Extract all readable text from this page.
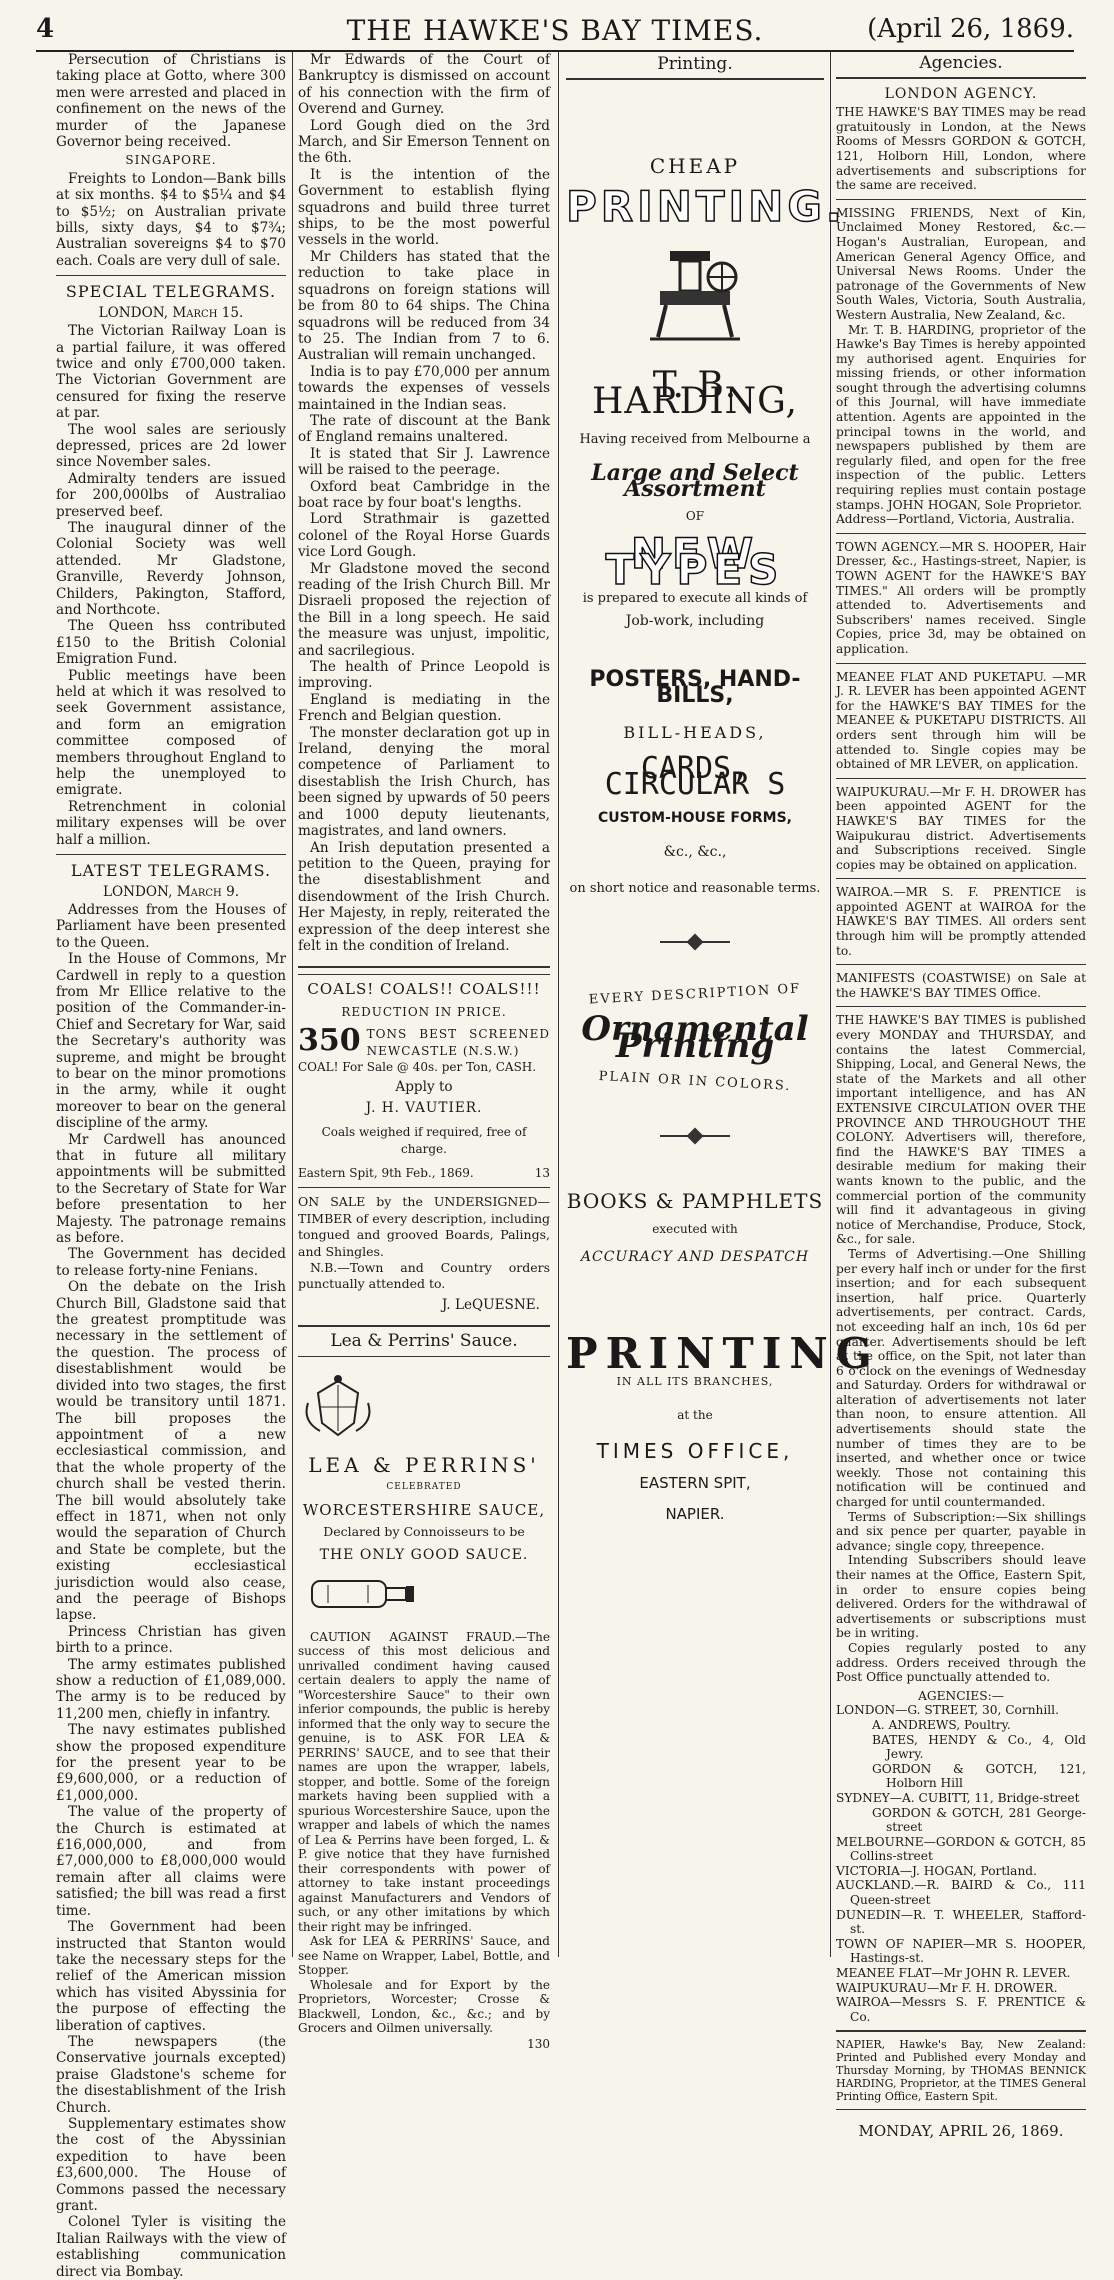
4	THE HAWKE'S BAY TIMES.	(April 26, 1869.

Persecution of Christians is taking place at Gotto, where 300 men were arrested and placed in confinement on the news of the murder of the Japanese Governor being received.

SINGAPORE.

Freights to London—Bank bills at six months. $4 to $5¼ and $4 to $5½; on Australian private bills, sixty days, $4 to $7¾; Australian sovereigns $4 to $70 each. Coals are very dull of sale.

SPECIAL TELEGRAMS.
LONDON, March 15.

The Victorian Railway Loan is a partial failure, it was offered twice and only £700,000 taken. The Victorian Government are censured for fixing the reserve at par.

The wool sales are seriously depressed, prices are 2d lower since November sales.

Admiralty tenders are issued for 200,000lbs of Australiao preserved beef.

The inaugural dinner of the Colonial Society was well attended. Mr Gladstone, Granville, Reverdy Johnson, Childers, Pakington, Stafford, and Northcote.

The Queen hss contributed £150 to the British Colonial Emigration Fund.

Public meetings have been held at which it was resolved to seek Government assistance, and form an emigration committee composed of members throughout England to help the unemployed to emigrate.

Retrenchment in colonial military expenses will be over half a million.

LATEST TELEGRAMS.
LONDON, March 9.

Addresses from the Houses of Parliament have been presented to the Queen.

In the House of Commons, Mr Cardwell in reply to a question from Mr Ellice relative to the position of the Commander-in-Chief and Secretary for War, said the Secretary's authority was supreme, and might be brought to bear on the minor promotions in the army, while it ought moreover to bear on the general discipline of the army.

Mr Cardwell has anounced that in future all military appointments will be submitted to the Secretary of State for War before presentation to her Majesty. The patronage remains as before.

The Government has decided to release forty-nine Fenians.

On the debate on the Irish Church Bill, Gladstone said that the greatest promptitude was necessary in the settlement of the question. The process of disestablishment would be divided into two stages, the first would be transitory until 1871. The bill proposes the appointment of a new ecclesiastical commission, and that the whole property of the church shall be vested therin. The bill would absolutely take effect in 1871, when not only would the separation of Church and State be complete, but the existing ecclesiastical jurisdiction would also cease, and the peerage of Bishops lapse.

Princess Christian has given birth to a prince.

The army estimates published show a reduction of £1,089,000. The army is to be reduced by 11,200 men, chiefly in infantry.

The navy estimates published show the proposed expenditure for the present year to be £9,600,000, or a reduction of £1,000,000.

The value of the property of the Church is estimated at £16,000,000, and from £7,000,000 to £8,000,000 would remain after all claims were satisfied; the bill was read a first time.

The Government had been instructed that Stanton would take the necessary steps for the relief of the American mission which has visited Abyssinia for the purpose of effecting the liberation of captives.

The newspapers (the Conservative journals excepted) praise Gladstone's scheme for the disestablishment of the Irish Church.

Supplementary estimates show the cost of the Abyssinian expedition to have been £3,600,000. The House of Commons passed the necessary grant.

Colonel Tyler is visiting the Italian Railways with the view of establishing communication direct via Bombay.

Mr Edwards of the Court of Bankruptcy is dismissed on account of his connection with the firm of Overend and Gurney.

Lord Gough died on the 3rd March, and Sir Emerson Tennent on the 6th.

It is the intention of the Government to establish flying squadrons and build three turret ships, to be the most powerful vessels in the world.

Mr Childers has stated that the reduction to take place in squadrons on foreign stations will be from 80 to 64 ships. The China squadrons will be reduced from 34 to 25. The Indian from 7 to 6. Australian will remain unchanged.

India is to pay £70,000 per annum towards the expenses of vessels maintained in the Indian seas.

The rate of discount at the Bank of England remains unaltered.

It is stated that Sir J. Lawrence will be raised to the peerage.

Oxford beat Cambridge in the boat race by four boat's lengths.

Lord Strathmair is gazetted colonel of the Royal Horse Guards vice Lord Gough.

Mr Gladstone moved the second reading of the Irish Church Bill. Mr Disraeli proposed the rejection of the Bill in a long speech. He said the measure was unjust, impolitic, and sacrilegious.

The health of Prince Leopold is improving.

England is mediating in the French and Belgian question.

The monster declaration got up in Ireland, denying the moral competence of Parliament to disestablish the Irish Church, has been signed by upwards of 50 peers and 1000 deputy lieutenants, magistrates, and land owners.

An Irish deputation presented a petition to the Queen, praying for the disestablishment and disendowment of the Irish Church. Her Majesty, in reply, reiterated the expression of the deep interest she felt in the condition of Ireland.

COALS! COALS!! COALS!!!
REDUCTION IN PRICE.
350 TONS BEST SCREENED NEWCASTLE (N.S.W.)
COAL! For Sale @ 40s. per Ton, CASH.
Apply to
J. H. VAUTIER.
Coals weighed if required, free of charge.
Eastern Spit, 9th Feb., 1869.	13

ON SALE by the UNDERSIGNED—TIMBER of every description, including tongued and grooved Boards, Palings, and Shingles.

N.B.—Town and Country orders punctually attended to.

J. LeQUESNE.
Lea & Perrins' Sauce.
LEA & PERRINS'
CELEBRATED
WORCESTERSHIRE SAUCE,
Declared by Connoisseurs to be
THE ONLY GOOD SAUCE.

CAUTION AGAINST FRAUD.—The success of this most delicious and unrivalled condiment having caused certain dealers to apply the name of "Worcestershire Sauce" to their own inferior compounds, the public is hereby informed that the only way to secure the genuine, is to ASK FOR LEA & PERRINS' SAUCE, and to see that their names are upon the wrapper, labels, stopper, and bottle. Some of the foreign markets having been supplied with a spurious Worcestershire Sauce, upon the wrapper and labels of which the names of Lea & Perrins have been forged, L. & P. give notice that they have furnished their correspondents with power of attorney to take instant proceedings against Manufacturers and Vendors of such, or any other imitations by which their right may be infringed.

Ask for LEA & PERRINS' Sauce, and see Name on Wrapper, Label, Bottle, and Stopper.

Wholesale and for Export by the Proprietors, Worcester; Crosse & Blackwell, London, &c., &c.; and by Grocers and Oilmen universally.

130
Printing.
CHEAP
PRINTING.
T. B. HARDING,
Having received from Melbourne a
Large and Select Assortment
OF
NEW TYPES
is prepared to execute all kinds of
Job-work, including
POSTERS, HAND-BILLS,
BILL-HEADS,
CARDS, CIRCULAR S
CUSTOM-HOUSE FORMS,
&c., &c.,
on short notice and reasonable terms.
EVERY DESCRIPTION OF
Ornamental Printing
PLAIN OR IN COLORS.
BOOKS & PAMPHLETS
executed with
ACCURACY AND DESPATCH
PRINTING
IN ALL ITS BRANCHES,
at the
TIMES OFFICE,
EASTERN SPIT,
NAPIER.
Agencies.
LONDON AGENCY.

THE HAWKE'S BAY TIMES may be read gratuitously in London, at the News Rooms of Messrs GORDON & GOTCH, 121, Holborn Hill, London, where advertisements and subscriptions for the same are received.

MISSING FRIENDS, Next of Kin, Unclaimed Money Restored, &c.—Hogan's Australian, European, and American General Agency Office, and Universal News Rooms. Under the patronage of the Governments of New South Wales, Victoria, South Australia, Western Australia, New Zealand, &c.

Mr. T. B. HARDING, proprietor of the Hawke's Bay Times is hereby appointed my authorised agent. Enquiries for missing friends, or other information sought through the advertising columns of this Journal, will have immediate attention. Agents are appointed in the principal towns in the world, and newspapers published by them are regularly filed, and open for the free inspection of the public. Letters requiring replies must contain postage stamps. JOHN HOGAN, Sole Proprietor.

Address—Portland, Victoria, Australia.

TOWN AGENCY.—MR S. HOOPER, Hair Dresser, &c., Hastings-street, Napier, is TOWN AGENT for the HAWKE'S BAY TIMES." All orders will be promptly attended to. Advertisements and Subscribers' names received. Single Copies, price 3d, may be obtained on application.

MEANEE FLAT AND PUKETAPU. —MR J. R. LEVER has been appointed AGENT for the HAWKE'S BAY TIMES for the MEANEE & PUKETAPU DISTRICTS. All orders sent through him will be attended to. Single copies may be obtained of MR LEVER, on application.

WAIPUKURAU.—Mr F. H. DROWER has been appointed AGENT for the HAWKE'S BAY TIMES for the Waipukurau district. Advertisements and Subscriptions received. Single copies may be obtained on application.

WAIROA.—MR S. F. PRENTICE is appointed AGENT at WAIROA for the HAWKE'S BAY TIMES. All orders sent through him will be promptly attended to.

MANIFESTS (COASTWISE) on Sale at the HAWKE'S BAY TIMES Office.

THE HAWKE'S BAY TIMES is published every MONDAY and THURSDAY, and contains the latest Commercial, Shipping, Local, and General News, the state of the Markets and all other important intelligence, and has AN EXTENSIVE CIRCULATION OVER THE PROVINCE AND THROUGHOUT THE COLONY. Advertisers will, therefore, find the HAWKE'S BAY TIMES a desirable medium for making their wants known to the public, and the commercial portion of the community will find it advantageous in giving notice of Merchandise, Produce, Stock, &c., for sale.

Terms of Advertising.—One Shilling per every half inch or under for the first insertion; and for each subsequent insertion, half price. Quarterly advertisements, per contract. Cards, not exceeding half an inch, 10s 6d per quarter. Advertisements should be left at the office, on the Spit, not later than 6 o'clock on the evenings of Wednesday and Saturday. Orders for withdrawal or alteration of advertisements not later than noon, to ensure attention. All advertisements should state the number of times they are to be inserted, and whether once or twice weekly. Those not containing this notification will be continued and charged for until countermanded.

Terms of Subscription:—Six shillings and six pence per quarter, payable in advance; single copy, threepence.

Intending Subscribers should leave their names at the Office, Eastern Spit, in order to ensure copies being delivered. Orders for the withdrawal of advertisements or subscriptions must be in writing.

Copies regularly posted to any address. Orders received through the Post Office punctually attended to.

AGENCIES:—

LONDON—G. STREET, 30, Cornhill.

A. ANDREWS, Poultry.

BATES, HENDY & Co., 4, Old Jewry.

GORDON & GOTCH, 121, Holborn Hill

SYDNEY—A. CUBITT, 11, Bridge-street

GORDON & GOTCH, 281 George-street

MELBOURNE—GORDON & GOTCH, 85 Collins-street

VICTORIA—J. HOGAN, Portland.

AUCKLAND.—R. BAIRD & Co., 111 Queen-street

DUNEDIN—R. T. WHEELER, Stafford-st.

TOWN OF NAPIER—MR S. HOOPER, Hastings-st.

MEANEE FLAT—Mr JOHN R. LEVER.

WAIPUKURAU—Mr F. H. DROWER.

WAIROA—Messrs S. F. PRENTICE & Co.

NAPIER, Hawke's Bay, New Zealand: Printed and Published every Monday and Thursday Morning, by THOMAS BENNICK HARDING, Proprietor, at the TIMES General Printing Office, Eastern Spit.

MONDAY, APRIL 26, 1869.
